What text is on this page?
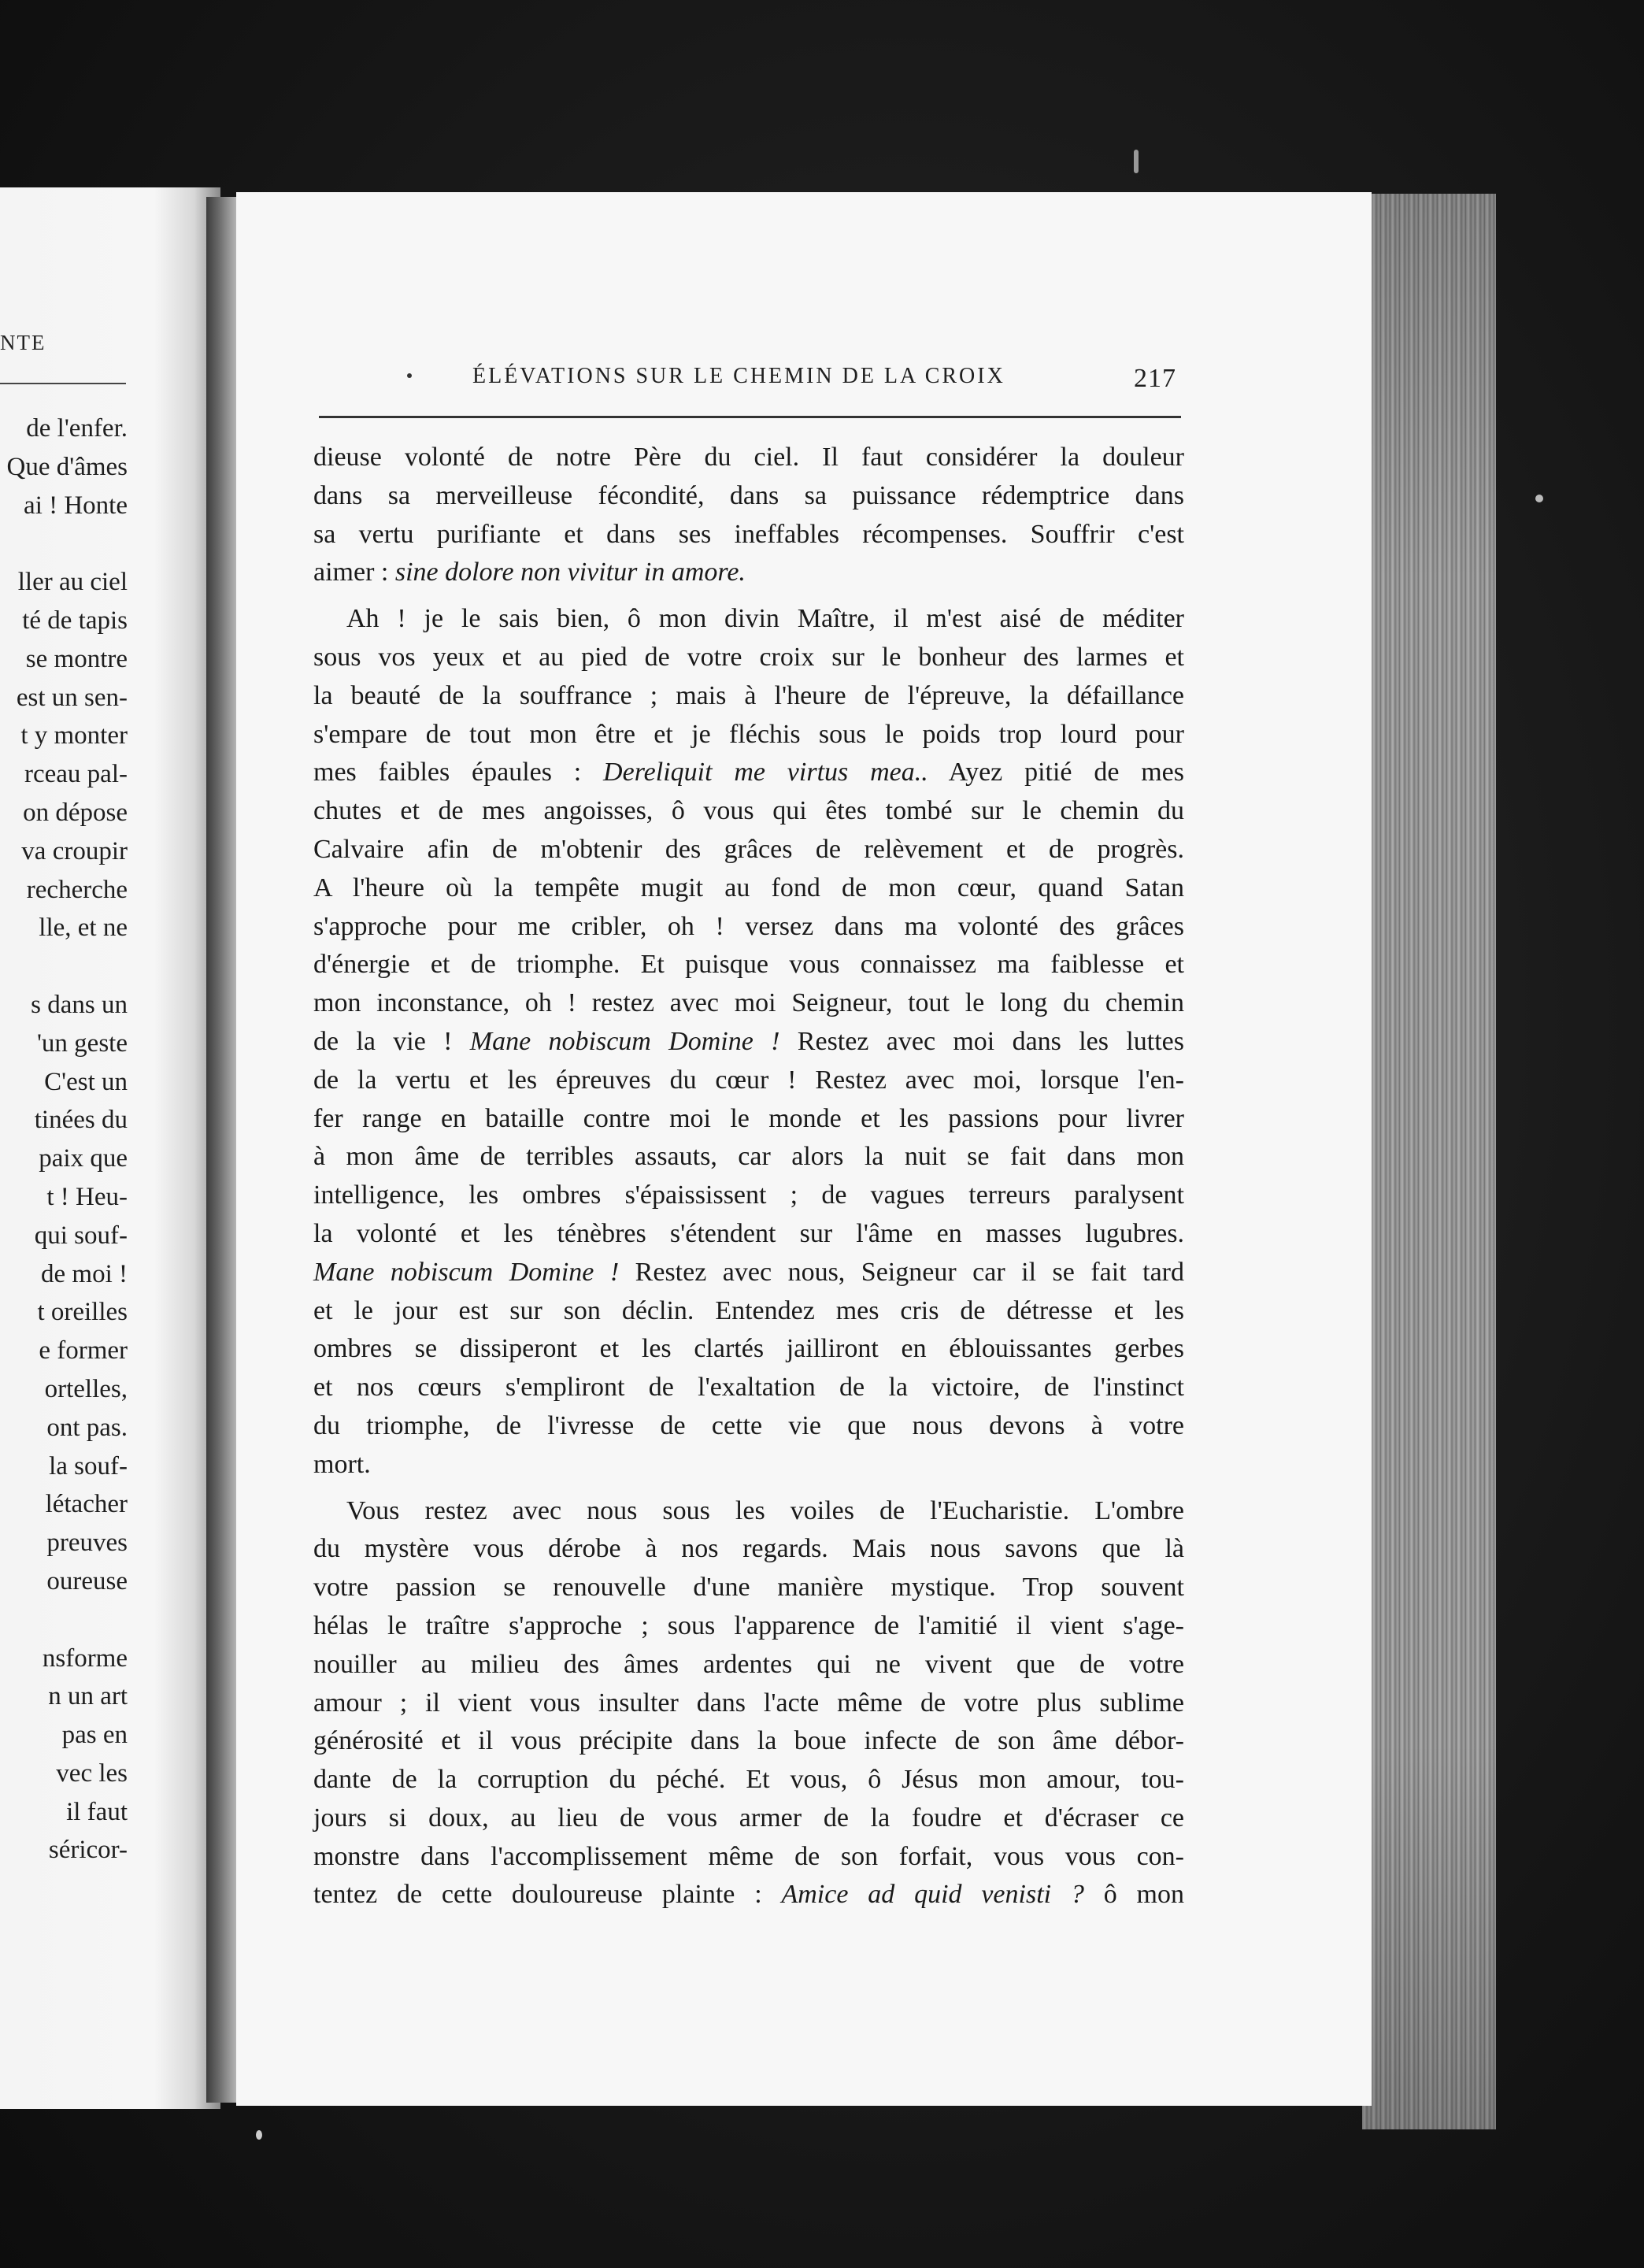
NTE
de l'enfer.
Que d'âmes
ai ! Honte
ller au ciel
té de tapis
se montre
est un sen-
t y monter
rceau pal-
on dépose
va croupir
recherche
lle, et ne
s dans un
'un geste
C'est un
tinées du
paix que
t ! Heu-
qui souf-
de moi !
t oreilles
e former
ortelles,
ont pas.
la souf-
létacher
preuves
oureuse
nsforme
n un art
pas en
vec les
il faut
séricor-
ÉLÉVATIONS SUR LE CHEMIN DE LA CROIX	217
dieuse volonté de notre Père du ciel. Il faut considérer la douleur
dans sa merveilleuse fécondité, dans sa puissance rédemptrice dans
sa vertu purifiante et dans ses ineffables récompenses. Souffrir c'est
aimer : sine dolore non vivitur in amore.
Ah ! je le sais bien, ô mon divin Maître, il m'est aisé de méditer
sous vos yeux et au pied de votre croix sur le bonheur des larmes et
la beauté de la souffrance ; mais à l'heure de l'épreuve, la défaillance
s'empare de tout mon être et je fléchis sous le poids trop lourd pour
mes faibles épaules : Dereliquit me virtus mea.. Ayez pitié de mes
chutes et de mes angoisses, ô vous qui êtes tombé sur le chemin du
Calvaire afin de m'obtenir des grâces de relèvement et de progrès.
A l'heure où la tempête mugit au fond de mon cœur, quand Satan
s'approche pour me cribler, oh ! versez dans ma volonté des grâces
d'énergie et de triomphe. Et puisque vous connaissez ma faiblesse et
mon inconstance, oh ! restez avec moi Seigneur, tout le long du chemin
de la vie ! Mane nobiscum Domine ! Restez avec moi dans les luttes
de la vertu et les épreuves du cœur ! Restez avec moi, lorsque l'en-
fer range en bataille contre moi le monde et les passions pour livrer
à mon âme de terribles assauts, car alors la nuit se fait dans mon
intelligence, les ombres s'épaississent ; de vagues terreurs paralysent
la volonté et les ténèbres s'étendent sur l'âme en masses lugubres.
Mane nobiscum Domine ! Restez avec nous, Seigneur car il se fait tard
et le jour est sur son déclin. Entendez mes cris de détresse et les
ombres se dissiperont et les clartés jailliront en éblouissantes gerbes
et nos cœurs s'empliront de l'exaltation de la victoire, de l'instinct
du triomphe, de l'ivresse de cette vie que nous devons à votre
mort.
Vous restez avec nous sous les voiles de l'Eucharistie. L'ombre
du mystère vous dérobe à nos regards. Mais nous savons que là
votre passion se renouvelle d'une manière mystique. Trop souvent
hélas le traître s'approche ; sous l'apparence de l'amitié il vient s'age-
nouiller au milieu des âmes ardentes qui ne vivent que de votre
amour ; il vient vous insulter dans l'acte même de votre plus sublime
générosité et il vous précipite dans la boue infecte de son âme débor-
dante de la corruption du péché. Et vous, ô Jésus mon amour, tou-
jours si doux, au lieu de vous armer de la foudre et d'écraser ce
monstre dans l'accomplissement même de son forfait, vous vous con-
tentez de cette douloureuse plainte : Amice ad quid venisti ? ô mon
